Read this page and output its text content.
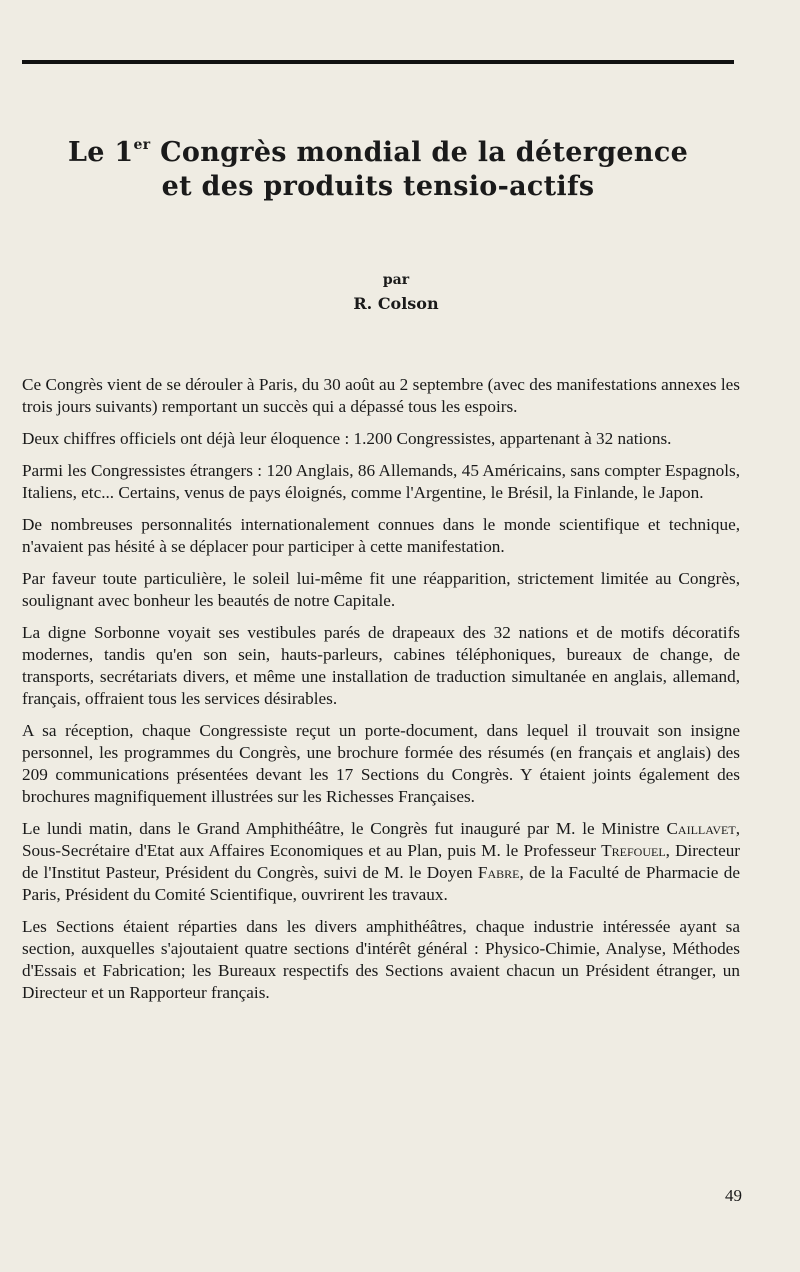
Le 1er Congrès mondial de la détergence
et des produits tensio-actifs
par
R. Colson

Ce Congrès vient de se dérouler à Paris, du 30 août au 2 septembre (avec des manifestations annexes les trois jours suivants) remportant un succès qui a dépassé tous les espoirs.

Deux chiffres officiels ont déjà leur éloquence : 1.200 Congressistes, appartenant à 32 nations.

Parmi les Congressistes étrangers : 120 Anglais, 86 Allemands, 45 Américains, sans compter Espagnols, Italiens, etc... Certains, venus de pays éloignés, comme l'Argentine, le Brésil, la Finlande, le Japon.

De nombreuses personnalités internationalement connues dans le monde scientifique et technique, n'avaient pas hésité à se déplacer pour participer à cette manifestation.

Par faveur toute particulière, le soleil lui-même fit une réapparition, strictement limitée au Congrès, soulignant avec bonheur les beautés de notre Capitale.

La digne Sorbonne voyait ses vestibules parés de drapeaux des 32 nations et de motifs décoratifs modernes, tandis qu'en son sein, hauts-parleurs, cabines téléphoniques, bureaux de change, de transports, secrétariats divers, et même une installation de traduction simultanée en anglais, allemand, français, offraient tous les services désirables.

A sa réception, chaque Congressiste reçut un porte-document, dans lequel il trouvait son insigne personnel, les programmes du Congrès, une brochure formée des résumés (en français et anglais) des 209 communications présentées devant les 17 Sections du Congrès. Y étaient joints également des brochures magnifiquement illustrées sur les Richesses Françaises.

Le lundi matin, dans le Grand Amphithéâtre, le Congrès fut inauguré par M. le Ministre Caillavet, Sous-Secrétaire d'Etat aux Affaires Economiques et au Plan, puis M. le Professeur Trefouel, Directeur de l'Institut Pasteur, Président du Congrès, suivi de M. le Doyen Fabre, de la Faculté de Pharmacie de Paris, Président du Comité Scientifique, ouvrirent les travaux.

Les Sections étaient réparties dans les divers amphithéâtres, chaque industrie intéressée ayant sa section, auxquelles s'ajoutaient quatre sections d'intérêt général : Physico-Chimie, Analyse, Méthodes d'Essais et Fabrication; les Bureaux respectifs des Sections avaient chacun un Président étranger, un Directeur et un Rapporteur français.

49
